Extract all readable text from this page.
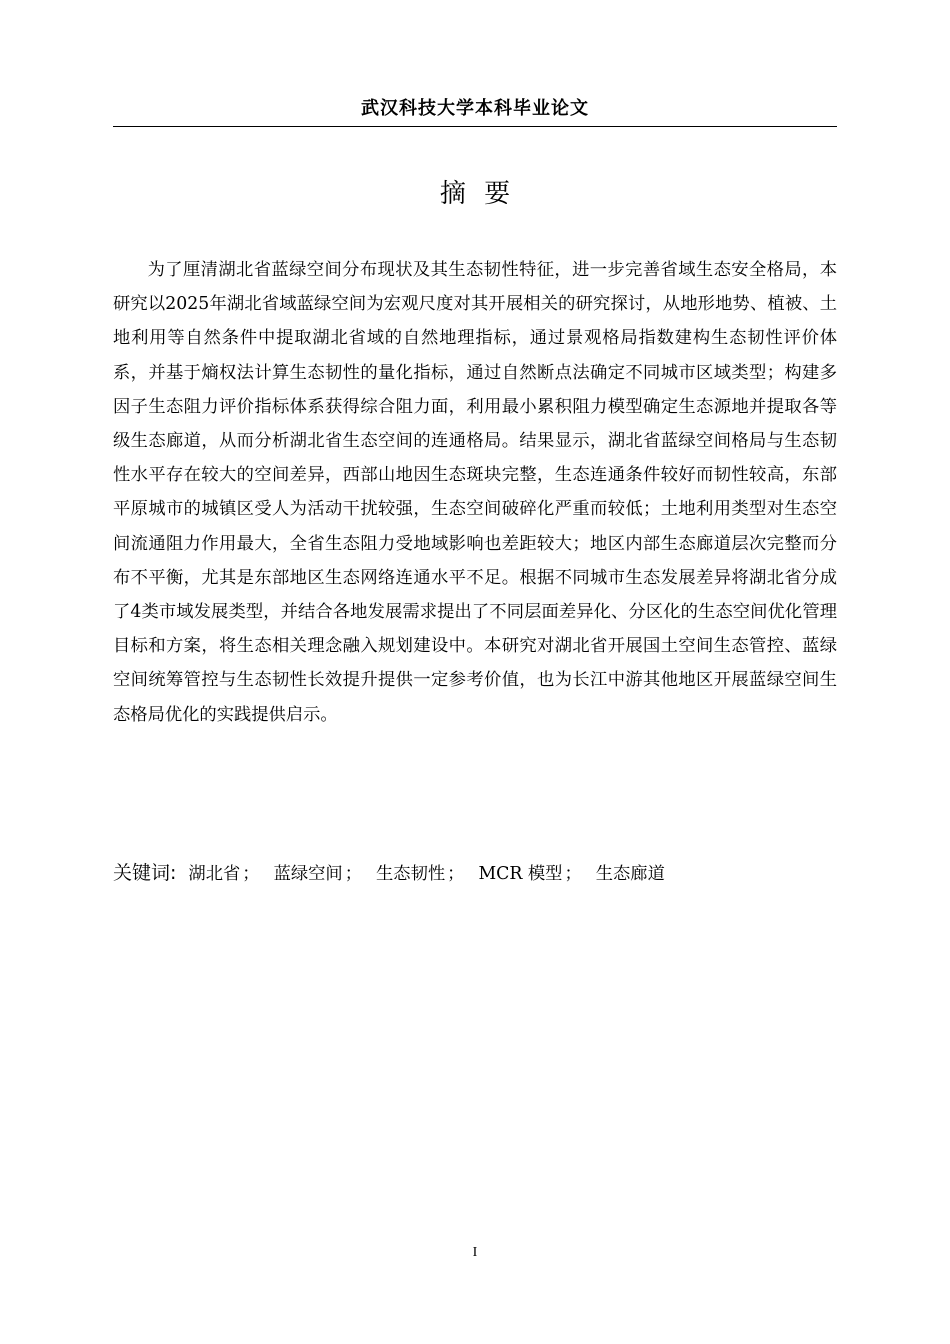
武汉科技大学本科毕业论文
摘 要

为了厘清湖北省蓝绿空间分布现状及其生态韧性特征，进一步完善省域生态安全格局，本研究以2025年湖北省域蓝绿空间为宏观尺度对其开展相关的研究探讨，从地形地势、植被、土地利用等自然条件中提取湖北省域的自然地理指标，通过景观格局指数建构生态韧性评价体系，并基于熵权法计算生态韧性的量化指标，通过自然断点法确定不同城市区域类型；构建多因子生态阻力评价指标体系获得综合阻力面，利用最小累积阻力模型确定生态源地并提取各等级生态廊道，从而分析湖北省生态空间的连通格局。结果显示，湖北省蓝绿空间格局与生态韧性水平存在较大的空间差异，西部山地因生态斑块完整，生态连通条件较好而韧性较高，东部平原城市的城镇区受人为活动干扰较强，生态空间破碎化严重而较低；土地利用类型对生态空间流通阻力作用最大，全省生态阻力受地域影响也差距较大；地区内部生态廊道层次完整而分布不平衡，尤其是东部地区生态网络连通水平不足。根据不同城市生态发展差异将湖北省分成了4类市域发展类型，并结合各地发展需求提出了不同层面差异化、分区化的生态空间优化管理目标和方案，将生态相关理念融入规划建设中。本研究对湖北省开展国土空间生态管控、蓝绿空间统筹管控与生态韧性长效提升提供一定参考价值，也为长江中游其他地区开展蓝绿空间生态格局优化的实践提供启示。

关键词: 湖北省 ； 蓝绿空间 ； 生态韧性 ； MCR 模型 ； 生态廊道
I
